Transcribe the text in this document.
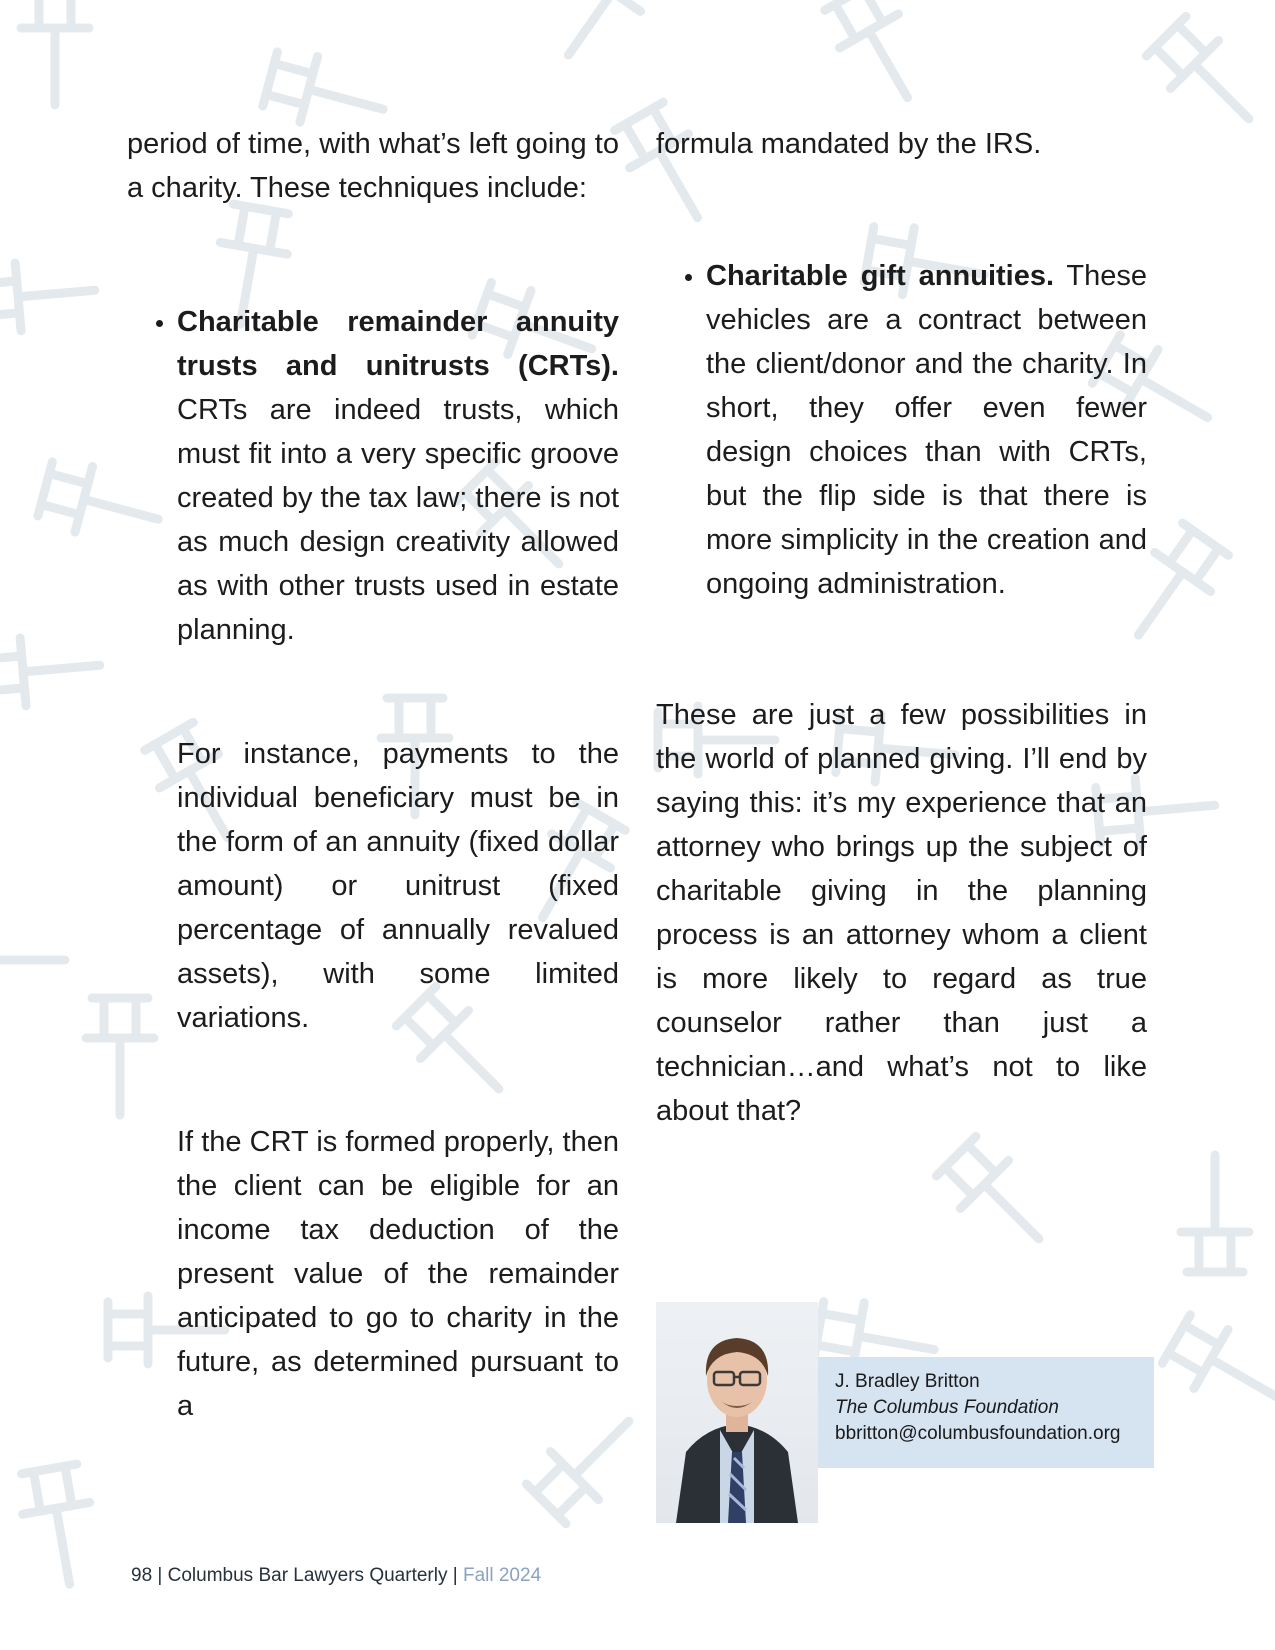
period of time, with what’s left going to a charity. These techniques include:

• Charitable remainder annuity trusts and unitrusts (CRTs). CRTs are indeed trusts, which must fit into a very specific groove created by the tax law; there is not as much design creativity allowed as with other trusts used in estate planning.

For instance, payments to the individual beneficiary must be in the form of an annuity (fixed dollar amount) or unitrust (fixed percentage of annually revalued assets), with some limited variations.

If the CRT is formed properly, then the client can be eligible for an income tax deduction of the present value of the remainder anticipated to go to charity in the future, as determined pursuant to a

formula mandated by the IRS.

• Charitable gift annuities. These vehicles are a contract between the client/donor and the charity. In short, they offer even fewer design choices than with CRTs, but the flip side is that there is more simplicity in the creation and ongoing administration.

These are just a few possibilities in the world of planned giving. I’ll end by saying this: it’s my experience that an attorney who brings up the subject of charitable giving in the planning process is an attorney whom a client is more likely to regard as true counselor rather than just a technician…and what’s not to like about that?

J. Bradley Britton
The Columbus Foundation
bbritton@columbusfoundation.org
98 | Columbus Bar Lawyers Quarterly | Fall 2024
